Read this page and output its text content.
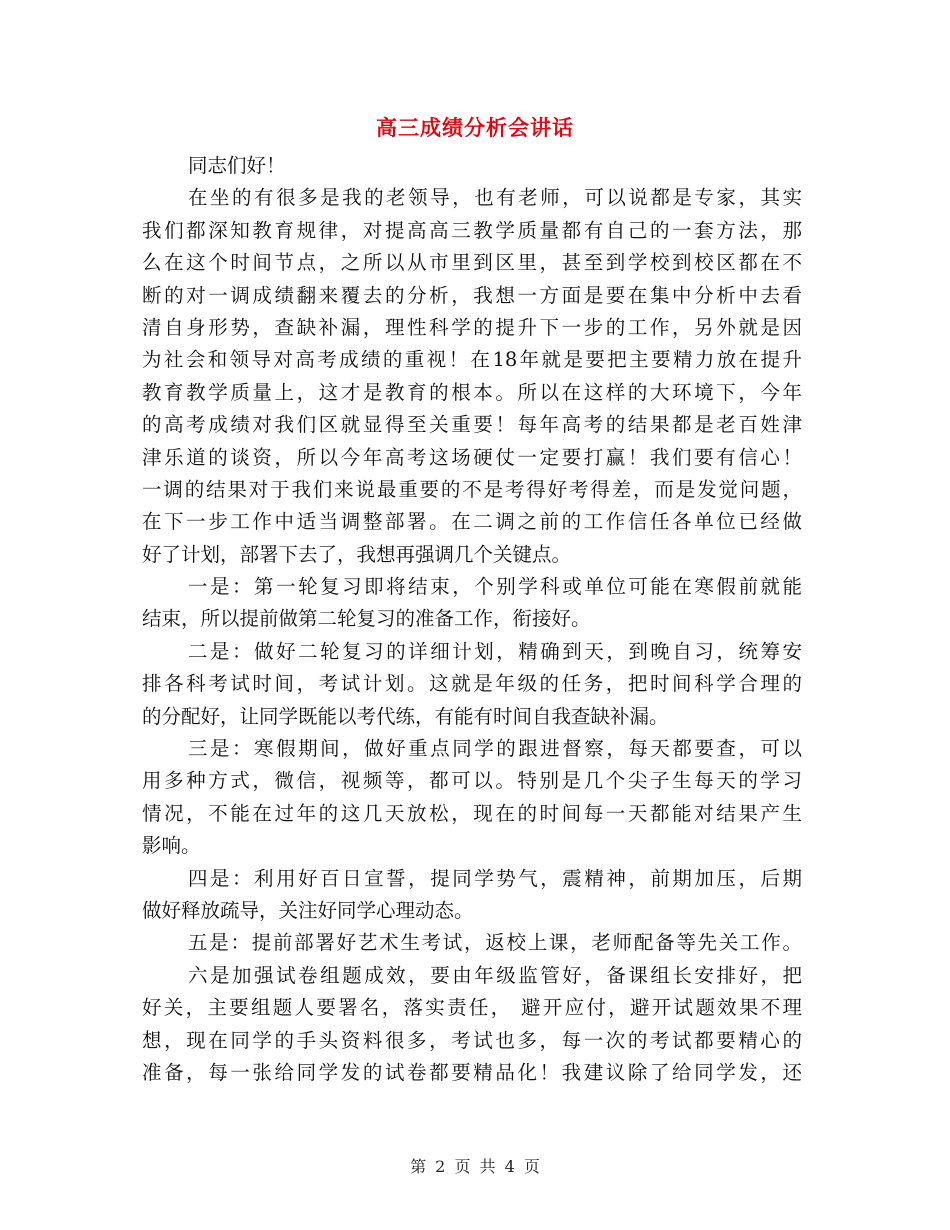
高三成绩分析会讲话
同志们好！
在坐的有很多是我的老领导，也有老师，可以说都是专家，其实
我们都深知教育规律，对提高高三教学质量都有自己的一套方法，那
么在这个时间节点，之所以从市里到区里，甚至到学校到校区都在不
断的对一调成绩翻来覆去的分析，我想一方面是要在集中分析中去看
清自身形势，查缺补漏，理性科学的提升下一步的工作，另外就是因
为社会和领导对高考成绩的重视！在18年就是要把主要精力放在提升
教育教学质量上，这才是教育的根本。所以在这样的大环境下，今年
的高考成绩对我们区就显得至关重要！每年高考的结果都是老百姓津
津乐道的谈资，所以今年高考这场硬仗一定要打赢！我们要有信心！
一调的结果对于我们来说最重要的不是考得好考得差，而是发觉问题，
在下一步工作中适当调整部署。在二调之前的工作信任各单位已经做
好了计划，部署下去了，我想再强调几个关键点。
一是：第一轮复习即将结束，个别学科或单位可能在寒假前就能
结束，所以提前做第二轮复习的准备工作，衔接好。
二是：做好二轮复习的详细计划，精确到天，到晚自习，统筹安
排各科考试时间，考试计划。这就是年级的任务，把时间科学合理的
的分配好，让同学既能以考代练，有能有时间自我查缺补漏。
三是：寒假期间，做好重点同学的跟进督察，每天都要查，可以
用多种方式，微信，视频等，都可以。特别是几个尖子生每天的学习
情况，不能在过年的这几天放松，现在的时间每一天都能对结果产生
影响。
四是：利用好百日宣誓，提同学势气，震精神，前期加压，后期
做好释放疏导，关注好同学心理动态。
五是：提前部署好艺术生考试，返校上课，老师配备等先关工作。
六是加强试卷组题成效，要由年级监管好，备课组长安排好，把
好关，主要组题人要署名，落实责任， 避开应付，避开试题效果不理
想，现在同学的手头资料很多，考试也多，每一次的考试都要精心的
准备，每一张给同学发的试卷都要精品化！我建议除了给同学发，还
第 2 页 共 4 页
